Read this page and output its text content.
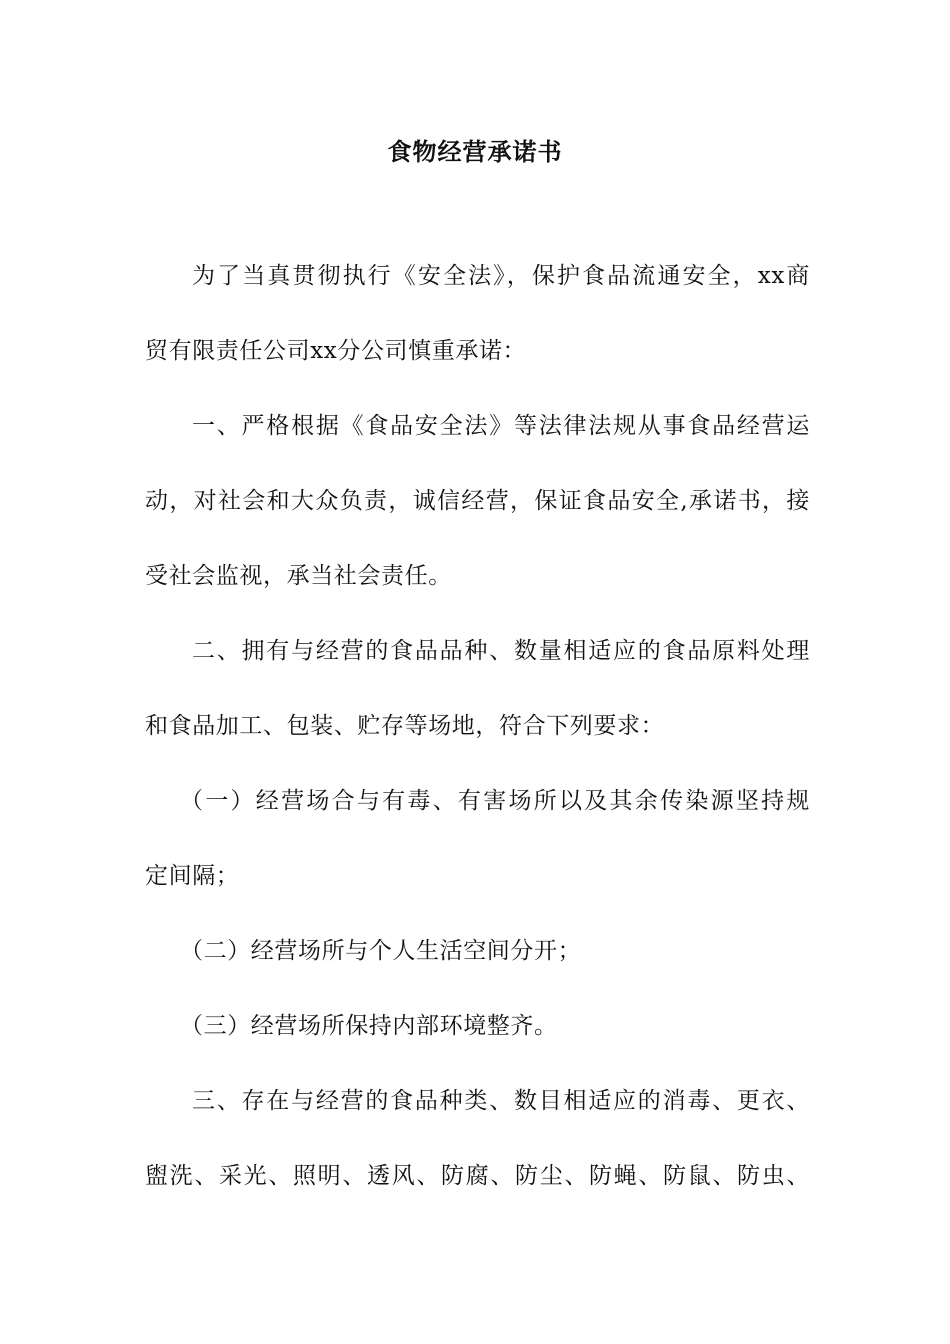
食物经营承诺书
为了当真贯彻执行《安全法》，保护食品流通安全，xx商
贸有限责任公司xx分公司慎重承诺：
一、严格根据《食品安全法》等法律法规从事食品经营运
动，对社会和大众负责，诚信经营，保证食品安全,承诺书，接
受社会监视，承当社会责任。
二、拥有与经营的食品品种、数量相适应的食品原料处理
和食品加工、包装、贮存等场地，符合下列要求：
（一）经营场合与有毒、有害场所以及其余传染源坚持规
定间隔；
（二）经营场所与个人生活空间分开；
（三）经营场所保持内部环境整齐。
三、存在与经营的食品种类、数目相适应的消毒、更衣、
盥洗、采光、照明、透风、防腐、防尘、防蝇、防鼠、防虫、
